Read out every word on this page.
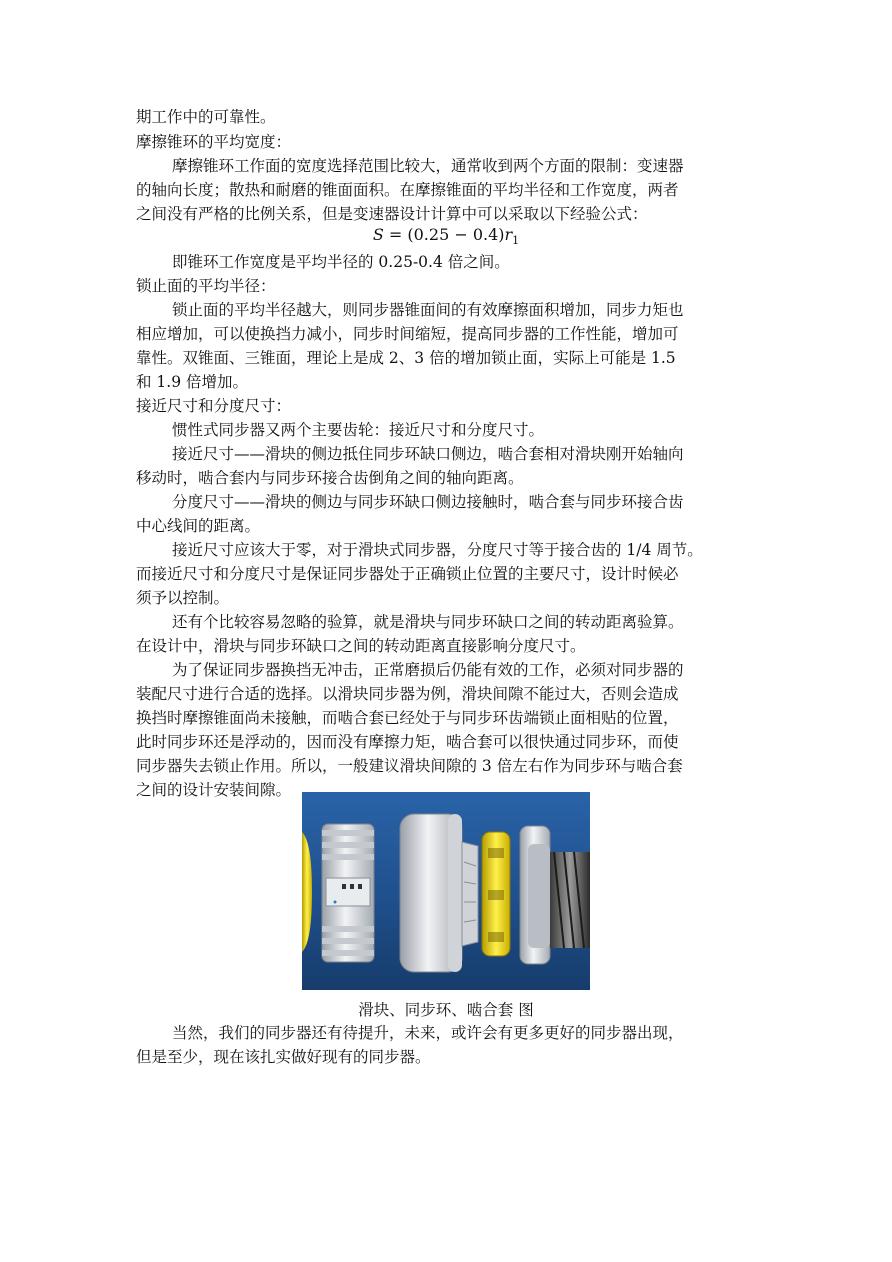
期工作中的可靠性。
摩擦锥环的平均宽度：
摩擦锥环工作面的宽度选择范围比较大，通常收到两个方面的限制：变速器
的轴向长度；散热和耐磨的锥面面积。在摩擦锥面的平均半径和工作宽度，两者
之间没有严格的比例关系，但是变速器设计计算中可以采取以下经验公式：
$S = (0.25 - 0.4)r_1$
即锥环工作宽度是平均半径的 0.25-0.4 倍之间。
锁止面的平均半径：
锁止面的平均半径越大，则同步器锥面间的有效摩擦面积增加，同步力矩也
相应增加，可以使换挡力减小，同步时间缩短，提高同步器的工作性能，增加可
靠性。双锥面、三锥面，理论上是成 2、3 倍的增加锁止面，实际上可能是 1.5
和 1.9 倍增加。
接近尺寸和分度尺寸：
惯性式同步器又两个主要齿轮：接近尺寸和分度尺寸。
接近尺寸——滑块的侧边抵住同步环缺口侧边，啮合套相对滑块刚开始轴向
移动时，啮合套内与同步环接合齿倒角之间的轴向距离。
分度尺寸——滑块的侧边与同步环缺口侧边接触时，啮合套与同步环接合齿
中心线间的距离。
接近尺寸应该大于零，对于滑块式同步器，分度尺寸等于接合齿的 1/4 周节。
而接近尺寸和分度尺寸是保证同步器处于正确锁止位置的主要尺寸，设计时候必
须予以控制。
还有个比较容易忽略的验算，就是滑块与同步环缺口之间的转动距离验算。
在设计中，滑块与同步环缺口之间的转动距离直接影响分度尺寸。
为了保证同步器换挡无冲击，正常磨损后仍能有效的工作，必须对同步器的
装配尺寸进行合适的选择。以滑块同步器为例，滑块间隙不能过大，否则会造成
换挡时摩擦锥面尚未接触，而啮合套已经处于与同步环齿端锁止面相贴的位置，
此时同步环还是浮动的，因而没有摩擦力矩，啮合套可以很快通过同步环，而使
同步器失去锁止作用。所以，一般建议滑块间隙的 3 倍左右作为同步环与啮合套
之间的设计安装间隙。
滑块、同步环、啮合套 图
当然，我们的同步器还有待提升，未来，或许会有更多更好的同步器出现，
但是至少，现在该扎实做好现有的同步器。
